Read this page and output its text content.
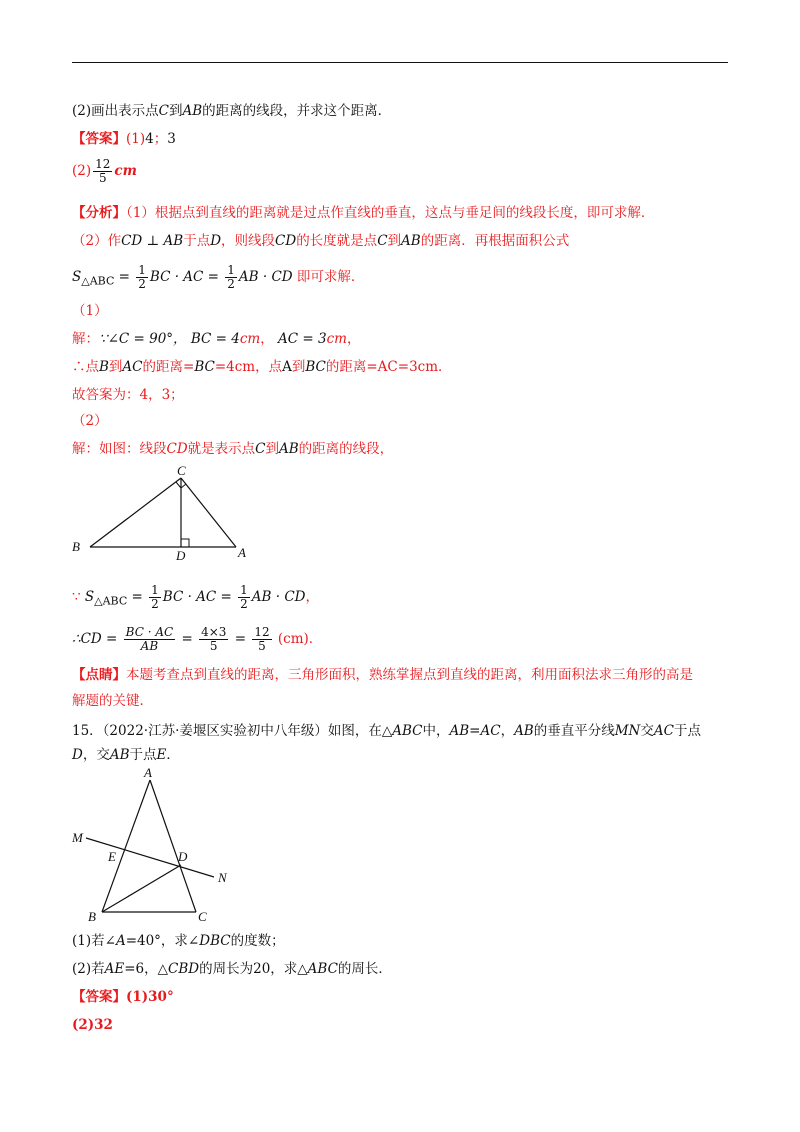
(2)画出表示点C到AB的距离的线段，并求这个距离．
【答案】(1)4；3
$(2) \frac{12}{5}$ cm
【分析】（1）根据点到直线的距离就是过点作直线的垂直，这点与垂足间的线段长度，即可求解．
（2）作CD ⊥ AB于点D，则线段CD的长度就是点C到AB的距离．再根据面积公式
$S_{\triangle ABC} = \frac{1}{2}$ BC · AC = $\frac{1}{2}$ AB · CD 即可求解．
（1）
解：∵∠C = 90°， BC = 4cm， AC = 3cm，
∴点B到AC的距离=BC=4cm，点A到BC的距离=AC=3cm．
故答案为：4，3；
（2）
解：如图：线段CD就是表示点C到AB的距离的线段，
C
B
D	A
∵ $S_{\triangle ABC} = \frac{1}{2}$ BC · AC = $\frac{1}{2}$ AB · CD，
∴CD = $\frac{BC \cdot AC}{AB} = \frac{4\times 3}{5} = \frac{12}{5} (cm)$．
【点睛】本题考查点到直线的距离，三角形面积，熟练掌握点到直线的距离，利用面积法求三角形的高是
解题的关键．
15．（2022·江苏·姜堰区实验初中八年级）如图，在△ABC中，AB=AC，AB的垂直平分线MN交AC于点
D，交AB于点E．
A
M
E	D
N
B	C
(1)若∠A=40°，求∠DBC的度数；
(2)若AE=6，△CBD的周长为20，求△ABC的周长．
【答案】(1)30°
(2)32
